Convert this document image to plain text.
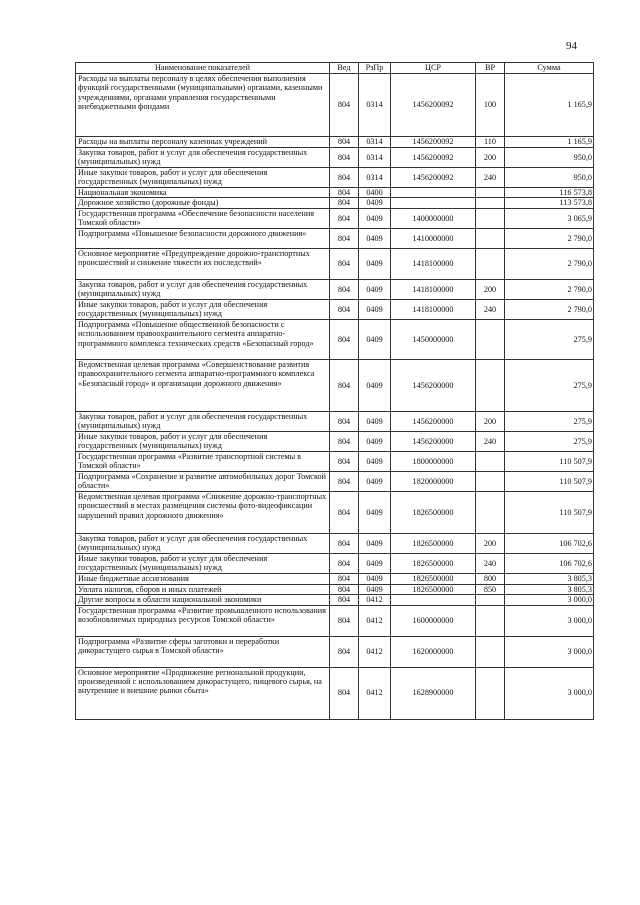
94
Наименование показателей	Вед	РзПр	ЦСР	ВР	Сумма
Расходы на выплаты персоналу в целях обеспечения выполнения функций государственными (муниципальными) органами, казенными учреждениями, органами управления государственными внебюджетными фондами	804	0314	1456200092	100	1 165,9
Расходы на выплаты персоналу казенных учреждений	804	0314	1456200092	110	1 165,9
Закупка товаров, работ и услуг для обеспечения государственных (муниципальных) нужд	804	0314	1456200092	200	950,0
Иные закупки товаров, работ и услуг для обеспечения государственных (муниципальных) нужд	804	0314	1456200092	240	950,0
Национальная экономика	804	0400			116 573,8
Дорожное хозяйство (дорожные фонды)	804	0409			113 573,8
Государственная программа «Обеспечение безопасности населения Томской области»	804	0409	1400000000		3 065,9
Подпрограмма «Повышение безопасности дорожного движения»	804	0409	1410000000		2 790,0
Основное мероприятие «Предупреждение дорожно-транспортных происшествий и снижение тяжести их последствий»	804	0409	1418100000		2 790,0
Закупка товаров, работ и услуг для обеспечения государственных (муниципальных) нужд	804	0409	1418100000	200	2 790,0
Иные закупки товаров, работ и услуг для обеспечения государственных (муниципальных) нужд	804	0409	1418100000	240	2 790,0
Подпрограмма «Повышение общественной безопасности с использованием правоохранительного сегмента аппаратно-программного комплекса технических средств «Безопасный город»	804	0409	1450000000		275,9
Ведомственная целевая программа «Совершенствование развития правоохранительного сегмента аппаратно-программного комплекса «Безопасный город» и организации дорожного движения»	804	0409	1456200000		275,9
Закупка товаров, работ и услуг для обеспечения государственных (муниципальных) нужд	804	0409	1456200000	200	275,9
Иные закупки товаров, работ и услуг для обеспечения государственных (муниципальных) нужд	804	0409	1456200000	240	275,9
Государственная программа «Развитие транспортной системы в Томской области»	804	0409	1800000000		110 507,9
Подпрограмма «Сохранение и развитие автомобильных дорог Томской области»	804	0409	1820000000		110 507,9
Ведомственная целевая программа «Снижение дорожно-транспортных происшествий в местах размещения системы фото-видеофиксации нарушений правил дорожного движения»	804	0409	1826500000		110 507,9
Закупка товаров, работ и услуг для обеспечения государственных (муниципальных) нужд	804	0409	1826500000	200	106 702,6
Иные закупки товаров, работ и услуг для обеспечения государственных (муниципальных) нужд	804	0409	1826500000	240	106 702,6
Иные бюджетные ассигнования	804	0409	1826500000	800	3 805,3
Уплата налогов, сборов и иных платежей	804	0409	1826500000	850	3 805,3
Другие вопросы в области национальной экономики	804	0412			3 000,0
Государственная программа «Развитие промышленного использования возобновляемых природных ресурсов Томской области»	804	0412	1600000000		3 000,0
Подпрограмма «Развитие сферы заготовки и переработки дикорастущего сырья в Томской области»	804	0412	1620000000		3 000,0
Основное мероприятие «Продвижение региональной продукции, произведенной с использованием дикорастущего, пищевого сырья, на внутренние и внешние рынки сбыта»	804	0412	1628900000		3 000,0
